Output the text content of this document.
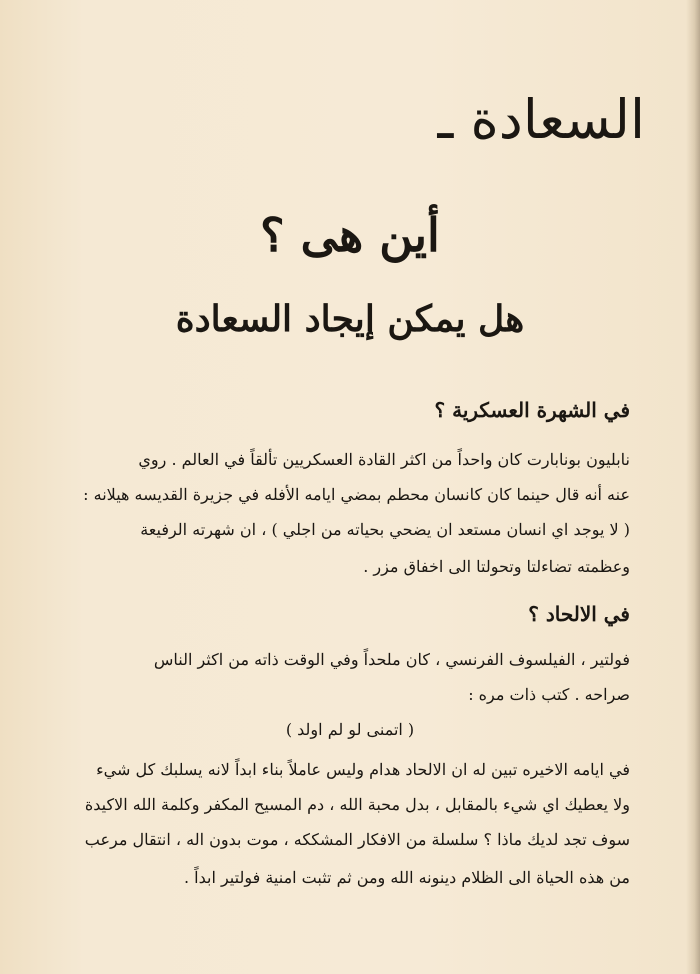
السعادة ـ
أين هى ؟
هل يمكن إيجاد السعادة
في الشهرة العسكرية ؟
نابليون بونابارت كان واحداً من اكثر القادة العسكريين تألقاً في العالم . روي
عنه أنه قال حينما كان كانسان محطم بمضي ايامه الأفله في جزيرة القديسه هيلانه :
( لا يوجد اي انسان مستعد ان يضحي بحياته من اجلي ) ، ان شهرته الرفيعة
وعظمته تضاءلتا وتحولتا الى اخفاق مزر .
في الالحاد ؟
فولتير ، الفيلسوف الفرنسي ، كان ملحداً وفي الوقت ذاته من اكثر الناس
صراحه . كتب ذات مره :
( اتمنى لو لم اولد )
في ايامه الاخيره تبين له ان الالحاد هدام وليس عاملاً بناء ابداً لانه يسلبك كل شيء
ولا يعطيك اي شيء بالمقابل ، بدل محبة الله ، دم المسيح المكفر وكلمة الله الاكيدة
سوف تجد لديك ماذا ؟ سلسلة من الافكار المشككه ، موت بدون اله ، انتقال مرعب
من هذه الحياة الى الظلام دينونه الله ومن ثم تثبت امنية فولتير ابداً .
